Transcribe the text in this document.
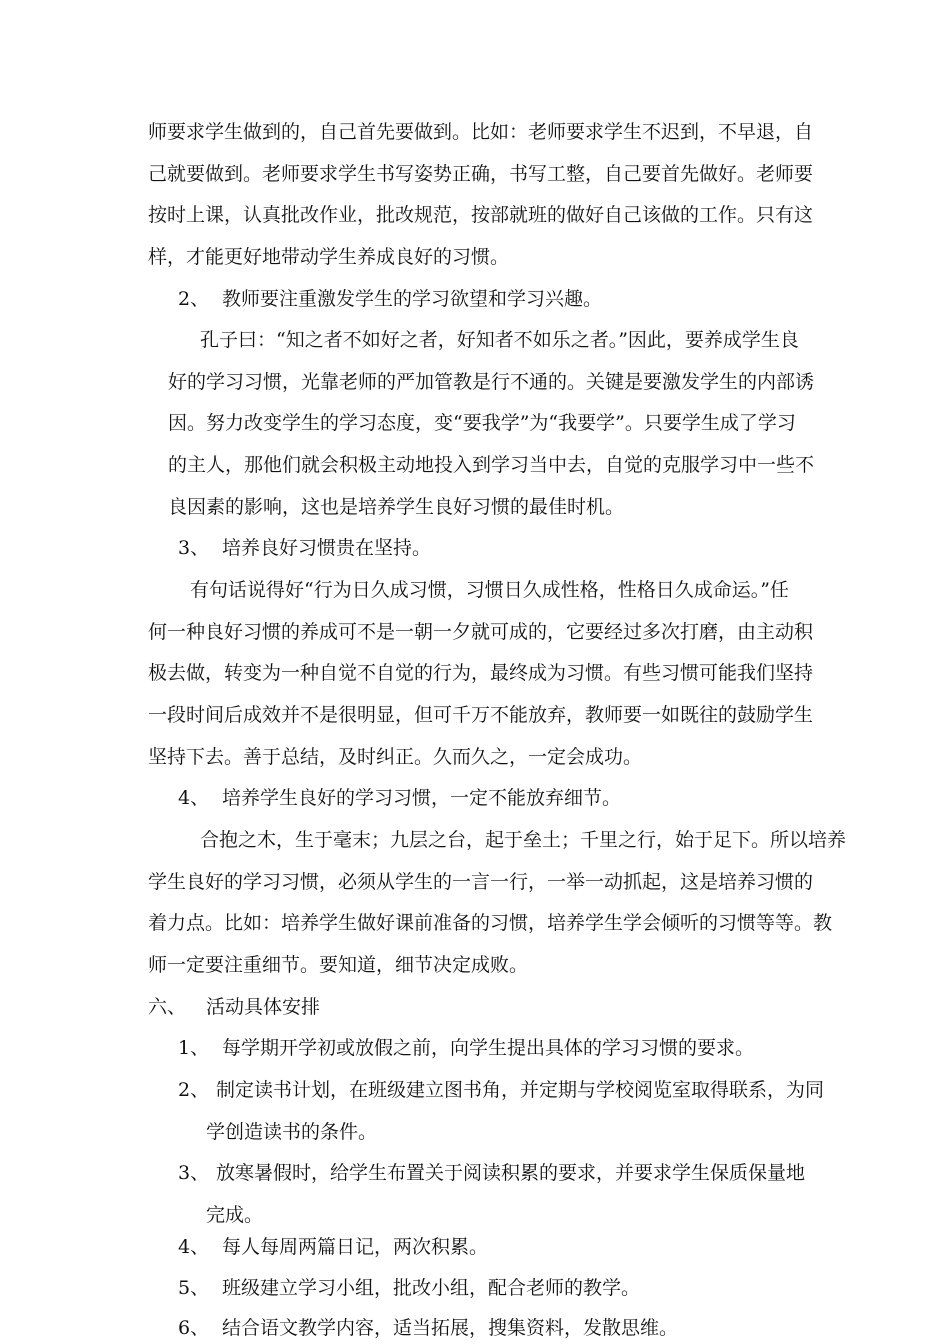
师要求学生做到的，自己首先要做到。比如：老师要求学生不迟到，不早退，自
己就要做到。老师要求学生书写姿势正确，书写工整，自己要首先做好。老师要
按时上课，认真批改作业，批改规范，按部就班的做好自己该做的工作。只有这
样，才能更好地带动学生养成良好的习惯。
2、 教师要注重激发学生的学习欲望和学习兴趣。
孔子曰：“知之者不如好之者，好知者不如乐之者。”因此，要养成学生良
好的学习习惯，光靠老师的严加管教是行不通的。关键是要激发学生的内部诱
因。努力改变学生的学习态度，变“要我学”为“我要学”。只要学生成了学习
的主人，那他们就会积极主动地投入到学习当中去，自觉的克服学习中一些不
良因素的影响，这也是培养学生良好习惯的最佳时机。
3、 培养良好习惯贵在坚持。
有句话说得好“行为日久成习惯，习惯日久成性格，性格日久成命运。”任
何一种良好习惯的养成可不是一朝一夕就可成的，它要经过多次打磨，由主动积
极去做，转变为一种自觉不自觉的行为，最终成为习惯。有些习惯可能我们坚持
一段时间后成效并不是很明显，但可千万不能放弃，教师要一如既往的鼓励学生
坚持下去。善于总结，及时纠正。久而久之，一定会成功。
4、 培养学生良好的学习习惯，一定不能放弃细节。
合抱之木，生于毫末；九层之台，起于垒土；千里之行，始于足下。所以培养
学生良好的学习习惯，必须从学生的一言一行，一举一动抓起，这是培养习惯的
着力点。比如：培养学生做好课前准备的习惯，培养学生学会倾听的习惯等等。教
师一定要注重细节。要知道，细节决定成败。
六、 活动具体安排
1、 每学期开学初或放假之前，向学生提出具体的学习习惯的要求。
2、 制定读书计划，在班级建立图书角，并定期与学校阅览室取得联系，为同
学创造读书的条件。
3、 放寒暑假时，给学生布置关于阅读积累的要求，并要求学生保质保量地
完成。
4、 每人每周两篇日记，两次积累。
5、 班级建立学习小组，批改小组，配合老师的教学。
6、 结合语文教学内容，适当拓展，搜集资料，发散思维。
